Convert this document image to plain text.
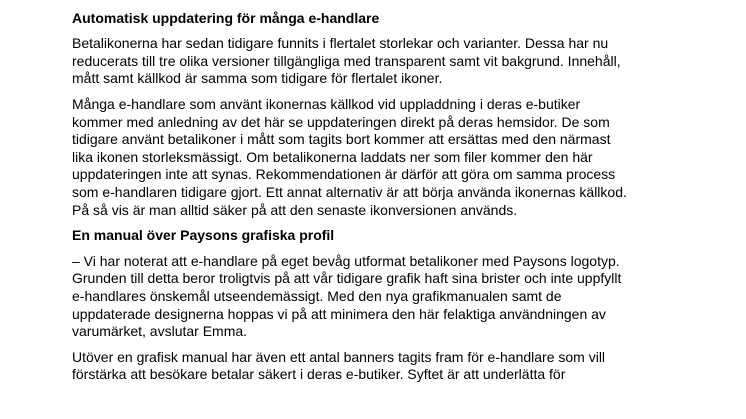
Automatisk uppdatering för många e-handlare
Betalikonerna har sedan tidigare funnits i flertalet storlekar och varianter. Dessa har nu
reducerats till tre olika versioner tillgängliga med transparent samt vit bakgrund. Innehåll,
mått samt källkod är samma som tidigare för flertalet ikoner.
Många e-handlare som använt ikonernas källkod vid uppladdning i deras e-butiker
kommer med anledning av det här se uppdateringen direkt på deras hemsidor. De som
tidigare använt betalikoner i mått som tagits bort kommer att ersättas med den närmast
lika ikonen storleksmässigt. Om betalikonerna laddats ner som filer kommer den här
uppdateringen inte att synas. Rekommendationen är därför att göra om samma process
som e-handlaren tidigare gjort. Ett annat alternativ är att börja använda ikonernas källkod.
På så vis är man alltid säker på att den senaste ikonversionen används.
En manual över Paysons grafiska profil
– Vi har noterat att e-handlare på eget bevåg utformat betalikoner med Paysons logotyp.
Grunden till detta beror troligtvis på att vår tidigare grafik haft sina brister och inte uppfyllt
e-handlares önskemål utseendemässigt. Med den nya grafikmanualen samt de
uppdaterade designerna hoppas vi på att minimera den här felaktiga användningen av
varumärket, avslutar Emma.
Utöver en grafisk manual har även ett antal banners tagits fram för e-handlare som vill
förstärka att besökare betalar säkert i deras e-butiker. Syftet är att underlätta för
